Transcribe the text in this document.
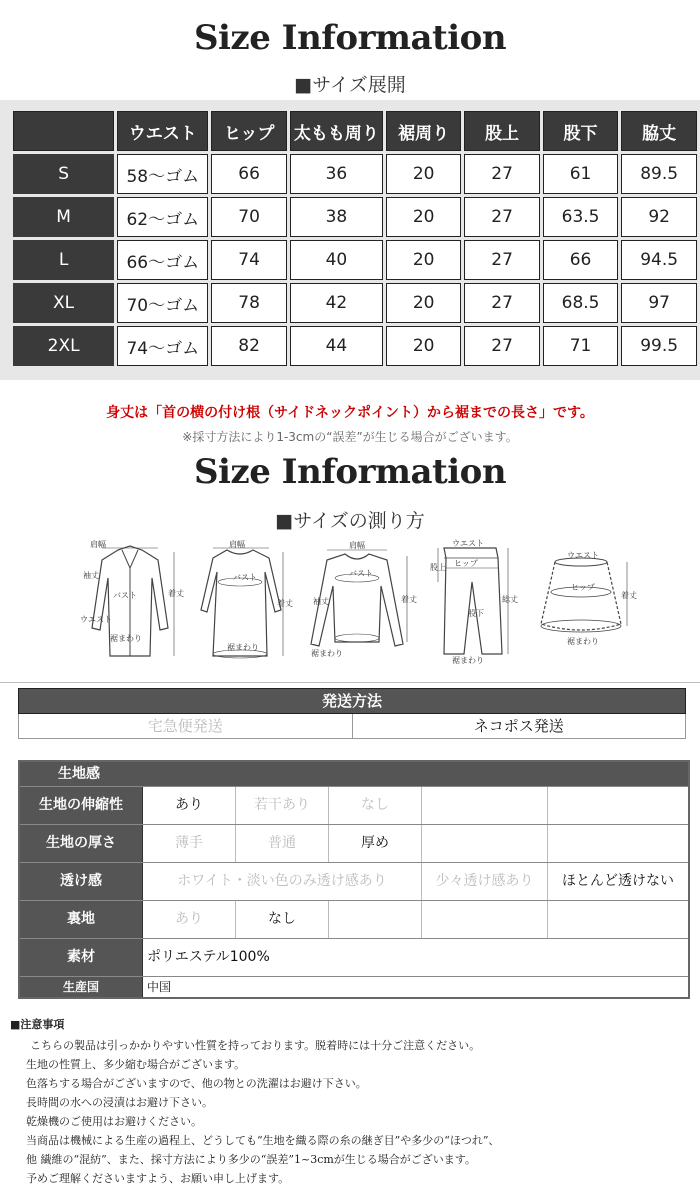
Size Information
■サイズ展開
	ウエスト	ヒップ	太もも周り	裾周り	股上	股下	脇丈
S	58～ゴム	66	36	20	27	61	89.5
M	62～ゴム	70	38	20	27	63.5	92
L	66～ゴム	74	40	20	27	66	94.5
XL	70～ゴム	78	42	20	27	68.5	97
2XL	74～ゴム	82	44	20	27	71	99.5
身丈は「首の横の付け根（サイドネックポイント）から裾までの長さ」です。
※採寸方法により1-3cmの“誤差”が生じる場合がございます。
Size Information
■サイズの測り方
肩幅
袖丈
バスト
ウエスト
着丈
裾まわり
肩幅
バスト
着丈
裾まわり
肩幅
バスト
袖丈	着丈
裾まわり
ウエスト
ヒップ
股上
股下
総丈
裾まわり
ウエスト
ヒップ
着丈
裾まわり
発送方法
宅急便発送	ネコポス発送
生地感
生地の伸縮性	あり	若干あり	なし
生地の厚さ	薄手	普通	厚め
透け感	ホワイト・淡い色のみ透け感あり	少々透け感あり	ほとんど透けない
裏地	あり	なし
素材	ポリエステル100%
生産国	中国
■注意事項
こちらの製品は引っかかりやすい性質を持っております。脱着時には十分ご注意ください。
生地の性質上、多少縮む場合がございます。
色落ちする場合がございますので、他の物との洗濯はお避け下さい。
長時間の水への浸漬はお避け下さい。
乾燥機のご使用はお避けください。
当商品は機械による生産の過程上、どうしても“生地を織る際の糸の継ぎ目”や多少の“ほつれ”、
他 繊維の“混紡”、また、採寸方法により多少の“誤差”1~3cmが生じる場合がございます。
予めご理解くださいますよう、お願い申し上げます。
